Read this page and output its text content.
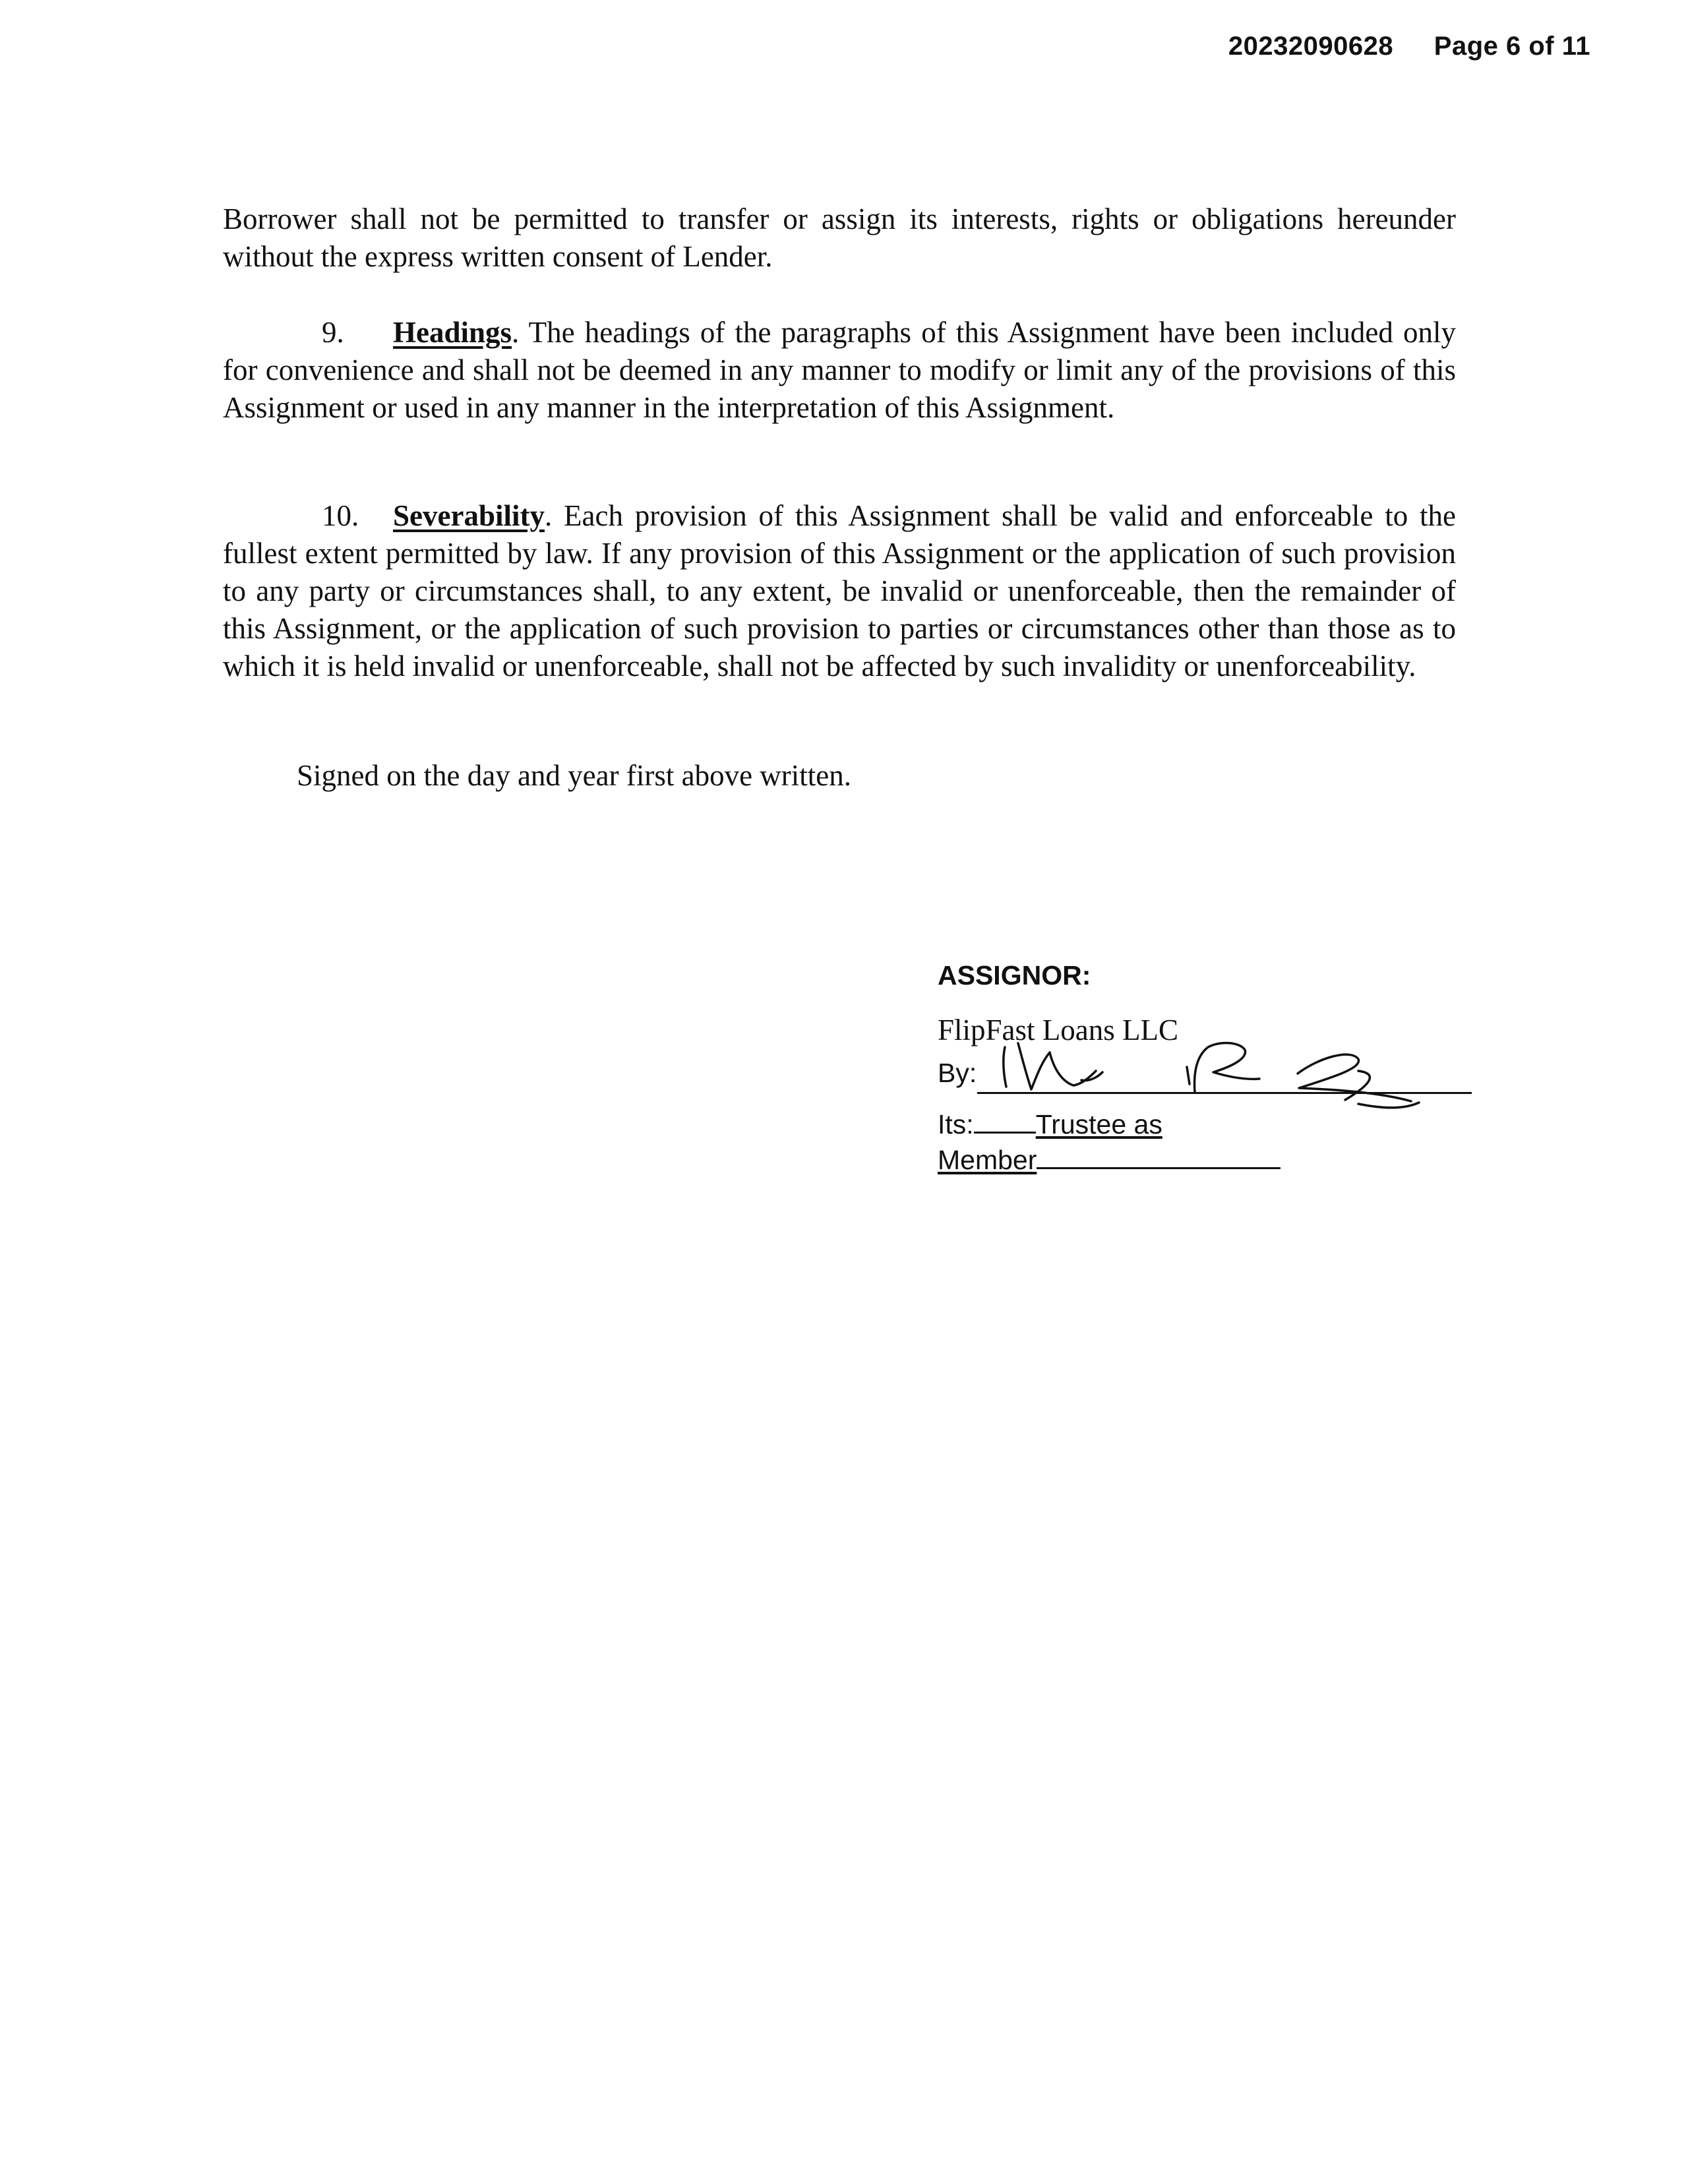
20232090628 Page 6 of 11
Borrower shall not be permitted to transfer or assign its interests, rights or obligations hereunder without the express written consent of Lender.
9. Headings. The headings of the paragraphs of this Assignment have been included only for convenience and shall not be deemed in any manner to modify or limit any of the provisions of this Assignment or used in any manner in the interpretation of this Assignment.
10. Severability. Each provision of this Assignment shall be valid and enforceable to the fullest extent permitted by law. If any provision of this Assignment or the application of such provision to any party or circumstances shall, to any extent, be invalid or unenforceable, then the remainder of this Assignment, or the application of such provision to parties or circumstances other than those as to which it is held invalid or unenforceable, shall not be affected by such invalidity or unenforceability.
Signed on the day and year first above written.
ASSIGNOR:
FlipFast Loans LLC
By:
Its: Trustee as
Member
